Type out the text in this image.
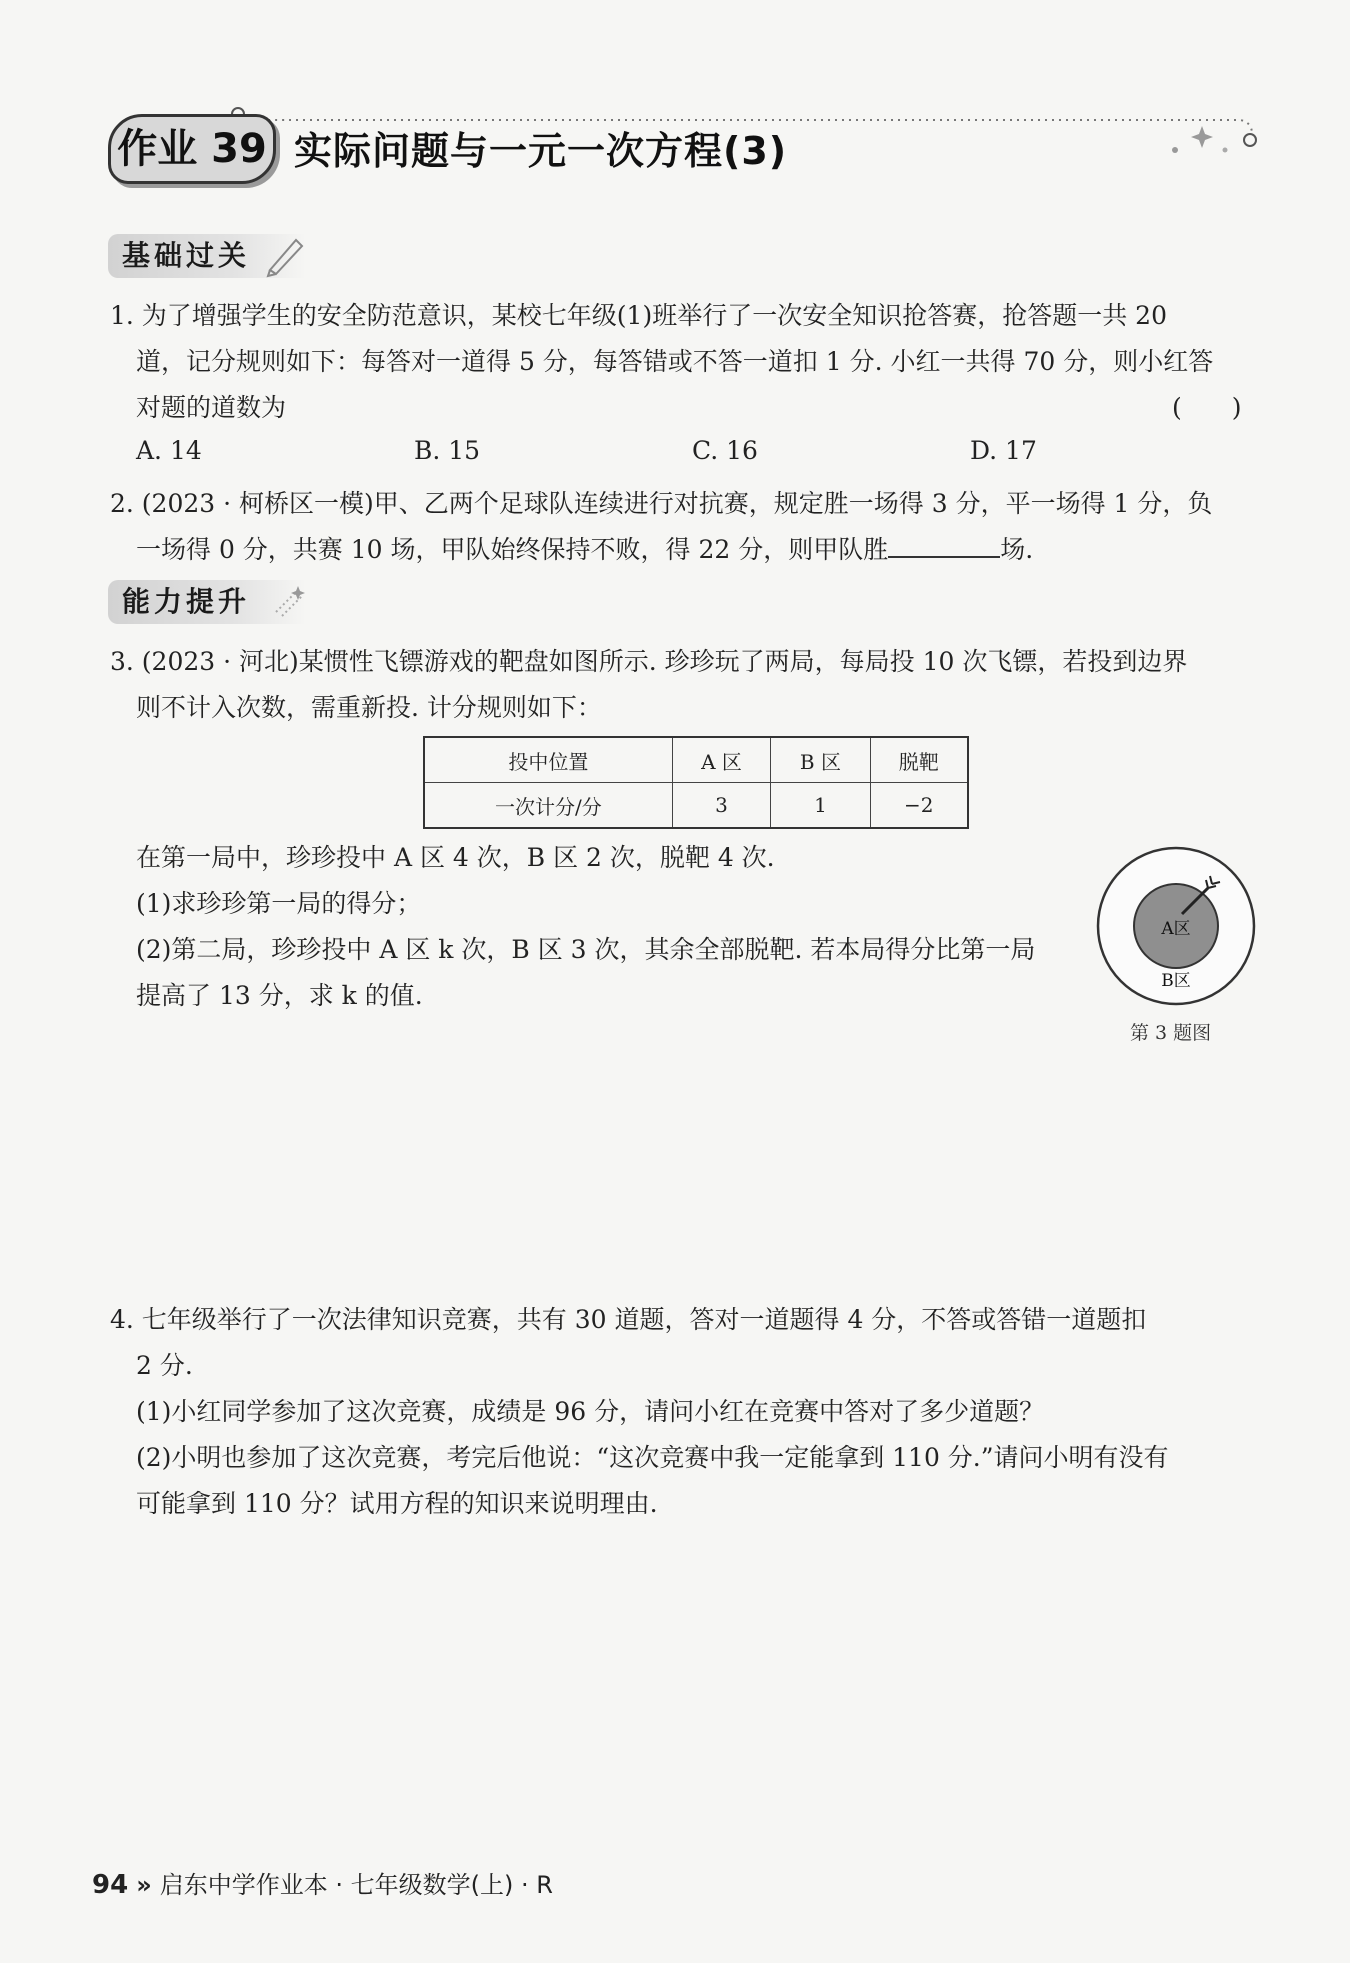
作业 39 实际问题与一元一次方程(3)
基础过关
1. 为了增强学生的安全防范意识，某校七年级(1)班举行了一次安全知识抢答赛，抢答题一共 20
道，记分规则如下：每答对一道得 5 分，每答错或不答一道扣 1 分. 小红一共得 70 分，则小红答
对题的道数为	(　　)
A. 14	B. 15	C. 16	D. 17
2. (2023 · 柯桥区一模)甲、乙两个足球队连续进行对抗赛，规定胜一场得 3 分，平一场得 1 分，负
一场得 0 分，共赛 10 场，甲队始终保持不败，得 22 分，则甲队胜	场.
能力提升
3. (2023 · 河北)某惯性飞镖游戏的靶盘如图所示. 珍珍玩了两局，每局投 10 次飞镖，若投到边界
则不计入次数，需重新投. 计分规则如下：
投中位置	A 区	B 区	脱靶
一次计分/分	3	1	−2
在第一局中，珍珍投中 A 区 4 次，B 区 2 次，脱靶 4 次.
(1)求珍珍第一局的得分；
(2)第二局，珍珍投中 A 区 k 次，B 区 3 次，其余全部脱靶. 若本局得分比第一局
提高了 13 分，求 k 的值.
A区
B区
第 3 题图
4. 七年级举行了一次法律知识竞赛，共有 30 道题，答对一道题得 4 分，不答或答错一道题扣
2 分.
(1)小红同学参加了这次竞赛，成绩是 96 分，请问小红在竞赛中答对了多少道题？
(2)小明也参加了这次竞赛，考完后他说：“这次竞赛中我一定能拿到 110 分.”请问小明有没有
可能拿到 110 分？试用方程的知识来说明理由.
94 » 启东中学作业本 · 七年级数学(上) · R
